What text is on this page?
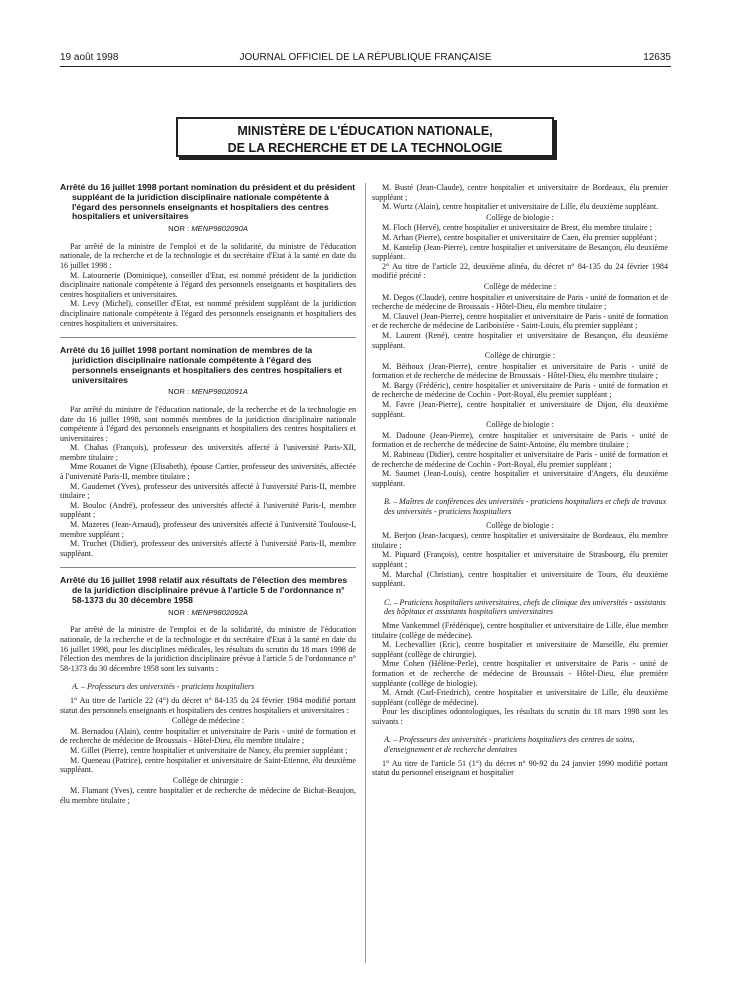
19 août 1998	JOURNAL OFFICIEL DE LA RÉPUBLIQUE FRANÇAISE	12635
MINISTÈRE DE L'ÉDUCATION NATIONALE,
DE LA RECHERCHE ET DE LA TECHNOLOGIE
Arrêté du 16 juillet 1998 portant nomination du président et du président suppléant de la juridiction disciplinaire nationale compétente à l'égard des personnels enseignants et hospitaliers des centres hospitaliers et universitaires
NOR : MENP9802090A

Par arrêté de la ministre de l'emploi et de la solidarité, du ministre de l'éducation nationale, de la recherche et de la technologie et du secrétaire d'Etat à la santé en date du 16 juillet 1998 :

M. Latournerie (Dominique), conseiller d'Etat, est nommé président de la juridiction disciplinaire nationale compétente à l'égard des personnels enseignants et hospitaliers des centres hospitaliers et universitaires.

M. Levy (Michel), conseiller d'Etat, est nommé président suppléant de la juridiction disciplinaire nationale compétente à l'égard des personnels enseignants et hospitaliers des centres hospitaliers et universitaires.

Arrêté du 16 juillet 1998 portant nomination de membres de la juridiction disciplinaire nationale compétente à l'égard des personnels enseignants et hospitaliers des centres hospitaliers et universitaires
NOR : MENP9802091A

Par arrêté du ministre de l'éducation nationale, de la recherche et de la technologie en date du 16 juillet 1998, sont nommés membres de la juridiction disciplinaire nationale compétente à l'égard des personnels enseignants et hospitaliers des centres hospitaliers et universitaires :

M. Chabas (François), professeur des universités affecté à l'université Paris-XII, membre titulaire ;

Mme Rouanet de Vigne (Elisabeth), épouse Cartier, professeur des universités, affectée à l'université Paris-II, membre titulaire ;

M. Gaudemet (Yves), professeur des universités affecté à l'université Paris-II, membre titulaire ;

M. Bouloc (André), professeur des universités affecté à l'université Paris-I, membre suppléant ;

M. Mazeres (Jean-Arnaud), professeur des universités affecté à l'université Toulouse-I, membre suppléant ;

M. Truchet (Didier), professeur des universités affecté à l'université Paris-II, membre suppléant.

Arrêté du 16 juillet 1998 relatif aux résultats de l'élection des membres de la juridiction disciplinaire prévue à l'article 5 de l'ordonnance n° 58-1373 du 30 décembre 1958
NOR : MENP9802092A

Par arrêté de la ministre de l'emploi et de la solidarité, du ministre de l'éducation nationale, de la recherche et de la technologie et du secrétaire d'Etat à la santé en date du 16 juillet 1998, pour les disciplines médicales, les résultats du scrutin du 18 mars 1998 de l'élection des membres de la juridiction disciplinaire prévue à l'article 5 de l'ordonnance n° 58-1373 du 30 décembre 1958 sont les suivants :

A. – Professeurs des universités - praticiens hospitaliers

1° Au titre de l'article 22 (4°) du décret n° 84-135 du 24 février 1984 modifié portant statut des personnels enseignants et hospitaliers des centres hospitaliers et universitaires :

Collège de médecine :

M. Bernadou (Alain), centre hospitalier et universitaire de Paris - unité de formation et de recherche de médecine de Broussais - Hôtel-Dieu, élu membre titulaire ;

M. Gillet (Pierre), centre hospitalier et universitaire de Nancy, élu premier suppléant ;

M. Queneau (Patrice), centre hospitalier et universitaire de Saint-Etienne, élu deuxième suppléant.

Collège de chirurgie :

M. Flamant (Yves), centre hospitalier et de recherche de médecine de Bichat-Beaujon, élu membre titulaire ;

M. Busté (Jean-Claude), centre hospitalier et universitaire de Bordeaux, élu premier suppléant ;

M. Wurtz (Alain), centre hospitalier et universitaire de Lille, élu deuxième suppléant.

Collège de biologie :

M. Floch (Hervé), centre hospitalier et universitaire de Brest, élu membre titulaire ;

M. Arhan (Pierre), centre hospitalier et universitaire de Caen, élu premier suppléant ;

M. Kantelip (Jean-Pierre), centre hospitalier et universitaire de Besançon, élu deuxième suppléant.

2° Au titre de l'article 22, deuxième alinéa, du décret n° 84-135 du 24 février 1984 modifié précité :

Collège de médecine :

M. Degos (Claude), centre hospitalier et universitaire de Paris - unité de formation et de recherche de médecine de Broussais - Hôtel-Dieu, élu membre titulaire ;

M. Clauvel (Jean-Pierre), centre hospitalier et universitaire de Paris - unité de formation et de recherche de médecine de Lariboisière - Saint-Louis, élu premier suppléant ;

M. Laurent (René), centre hospitalier et universitaire de Besançon, élu deuxième suppléant.

Collège de chirurgie :

M. Béthoux (Jean-Pierre), centre hospitalier et universitaire de Paris - unité de formation et de recherche de médecine de Broussais - Hôtel-Dieu, élu membre titulaire ;

M. Bargy (Frédéric), centre hospitalier et universitaire de Paris - unité de formation et de recherche de médecine de Cochin - Port-Royal, élu premier suppléant ;

M. Favre (Jean-Pierre), centre hospitalier et universitaire de Dijon, élu deuxième suppléant.

Collège de biologie :

M. Dadoune (Jean-Pierre), centre hospitalier et universitaire de Paris - unité de formation et de recherche de médecine de Saint-Antoine, élu membre titulaire ;

M. Rabineau (Didier), centre hospitalier et universitaire de Paris - unité de formation et de recherche de médecine de Cochin - Port-Royal, élu premier suppléant ;

M. Saumet (Jean-Louis), centre hospitalier et universitaire d'Angers, élu deuxième suppléant.

B. – Maîtres de conférences des universités - praticiens hospitaliers et chefs de travaux des universités - praticiens hospitaliers

Collège de biologie :

M. Berjon (Jean-Jacques), centre hospitalier et universitaire de Bordeaux, élu membre titulaire ;

M. Piquard (François), centre hospitalier et universitaire de Strasbourg, élu premier suppléant ;

M. Marchal (Christian), centre hospitalier et universitaire de Tours, élu deuxième suppléant.

C. – Praticiens hospitaliers universitaires, chefs de clinique des universités - assistants des hôpitaux et assistants hospitaliers universitaires

Mme Vankemmel (Frédérique), centre hospitalier et universitaire de Lille, élue membre titulaire (collège de médecine).

M. Lechevallier (Eric), centre hospitalier et universitaire de Marseille, élu premier suppléant (collège de chirurgie).

Mme Cohen (Hélène-Perle), centre hospitalier et universitaire de Paris - unité de formation et de recherche de médecine de Broussais - Hôtel-Dieu, élue première suppléante (collège de biologie).

M. Arndt (Carl-Friedrich), centre hospitalier et universitaire de Lille, élu deuxième suppléant (collège de médecine).

Pour les disciplines odontologiques, les résultats du scrutin du 18 mars 1998 sont les suivants :

A. – Professeurs des universités - praticiens hospitaliers des centres de soins, d'enseignement et de recherche dentaires

1° Au titre de l'article 51 (1°) du décret n° 90-92 du 24 janvier 1990 modifié portant statut du personnel enseignant et hospitalier
